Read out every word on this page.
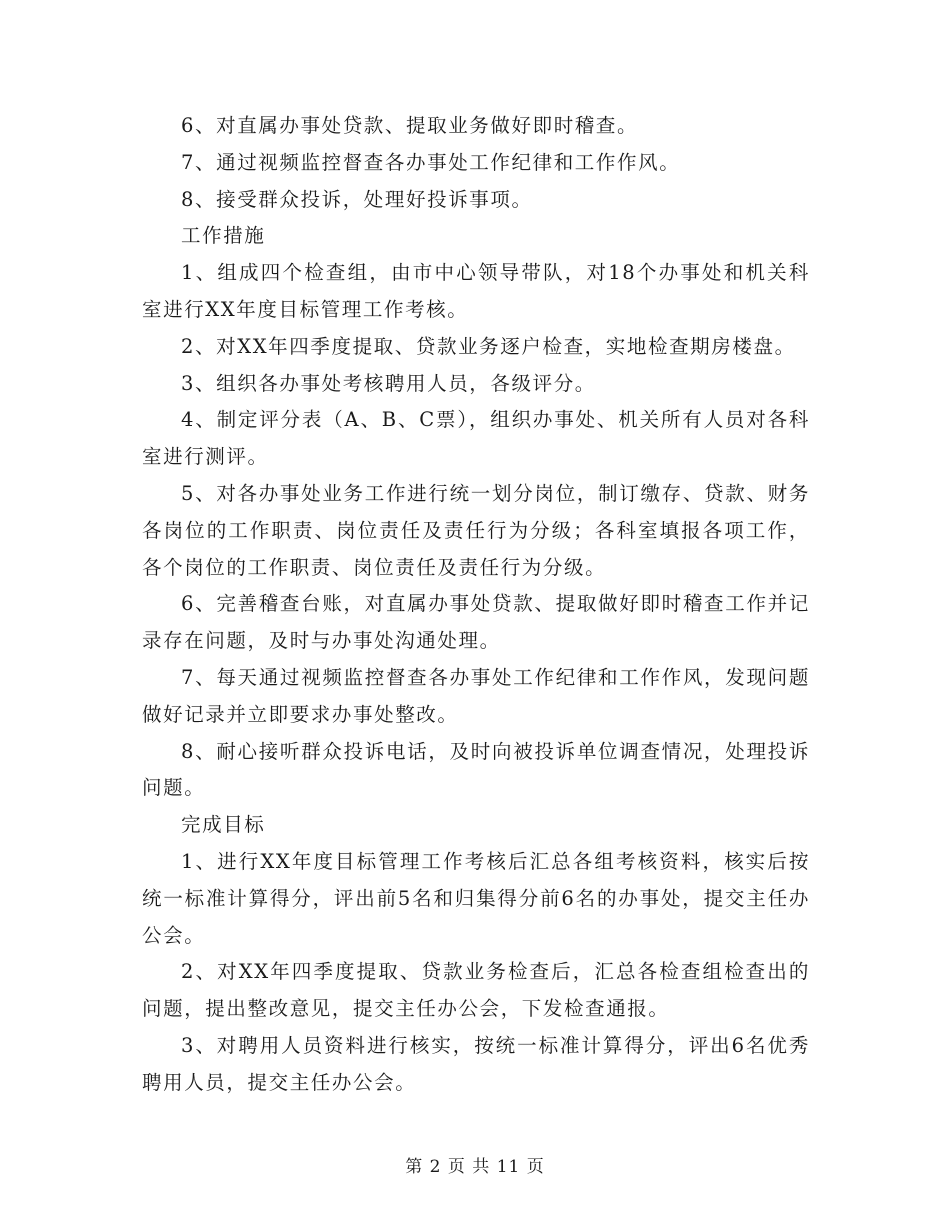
6、对直属办事处贷款、提取业务做好即时稽查。

7、通过视频监控督查各办事处工作纪律和工作作风。

8、接受群众投诉，处理好投诉事项。

工作措施

1、组成四个检查组，由市中心领导带队，对18个办事处和机关科室进行XX年度目标管理工作考核。

2、对XX年四季度提取、贷款业务逐户检查，实地检查期房楼盘。

3、组织各办事处考核聘用人员，各级评分。

4、制定评分表（A、B、C票），组织办事处、机关所有人员对各科室进行测评。

5、对各办事处业务工作进行统一划分岗位，制订缴存、贷款、财务各岗位的工作职责、岗位责任及责任行为分级；各科室填报各项工作，各个岗位的工作职责、岗位责任及责任行为分级。

6、完善稽查台账，对直属办事处贷款、提取做好即时稽查工作并记录存在问题，及时与办事处沟通处理。

7、每天通过视频监控督查各办事处工作纪律和工作作风，发现问题做好记录并立即要求办事处整改。

8、耐心接听群众投诉电话，及时向被投诉单位调查情况，处理投诉问题。

完成目标

1、进行XX年度目标管理工作考核后汇总各组考核资料，核实后按统一标准计算得分，评出前5名和归集得分前6名的办事处，提交主任办公会。

2、对XX年四季度提取、贷款业务检查后，汇总各检查组检查出的问题，提出整改意见，提交主任办公会，下发检查通报。

3、对聘用人员资料进行核实，按统一标准计算得分，评出6名优秀聘用人员，提交主任办公会。

第 2 页 共 11 页
